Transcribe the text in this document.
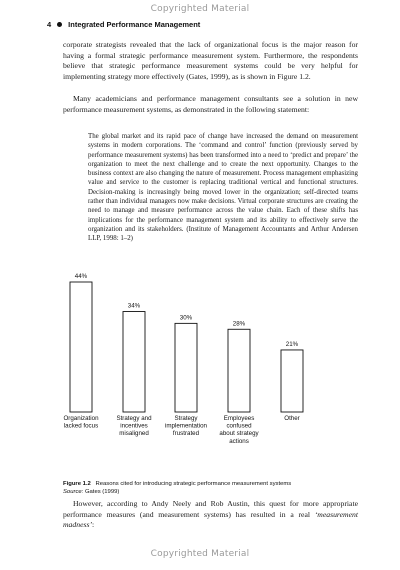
Copyrighted Material
4 Integrated Performance Management

corporate strategists revealed that the lack of organizational focus is the major reason for having a formal strategic performance measurement system. Furthermore, the respondents believe that strategic performance measurement systems could be very helpful for implementing strategy more effectively (Gates, 1999), as is shown in Figure 1.2.

Many academicians and performance management consultants see a solution in new performance measurement systems, as demonstrated in the following statement:

The global market and its rapid pace of change have increased the demand on measurement systems in modern corporations. The ‘command and control’ function (previously served by performance measurement systems) has been transformed into a need to ‘predict and prepare’ the organization to meet the next challenge and to create the next opportunity. Changes to the business context are also changing the nature of measurement. Process management emphasizing value and service to the customer is replacing traditional vertical and functional structures. Decision-making is increasingly being moved lower in the organization; self-directed teams rather than individual managers now make decisions. Virtual corporate structures are creating the need to manage and measure performance across the value chain. Each of these shifts has implications for the performance management system and its ability to effectively serve the organization and its stakeholders. (Institute of Management Accountants and Arthur Andersen LLP, 1998: 1–2)

44%
Organization lacked focus
34%
Strategy and incentives misaligned
30%
Strategy implementation frustrated
28%
Employees confused about strategy actions
21%
Other

Figure 1.2 Reasons cited for introducing strategic performance measurement systems
Source: Gates (1999)

However, according to Andy Neely and Rob Austin, this quest for more appropriate performance measures (and measurement systems) has resulted in a real ‘measurement madness’:

Copyrighted Material
